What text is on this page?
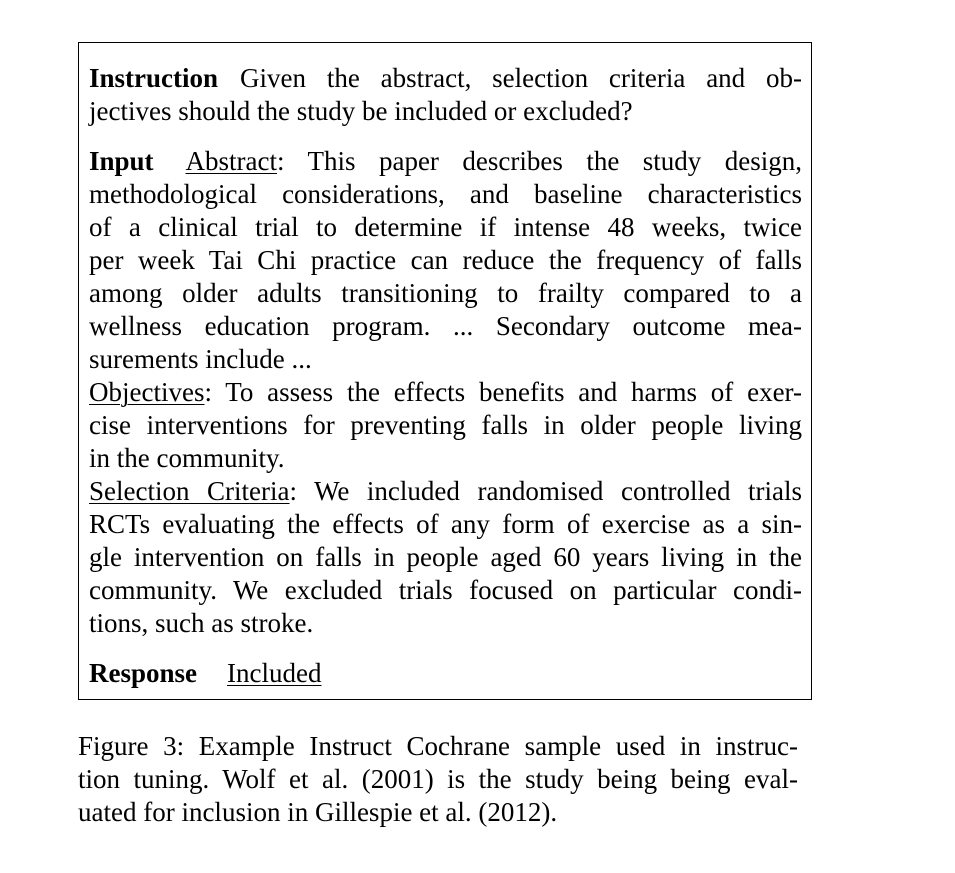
Instruction Given the abstract, selection criteria and ob-
jectives should the study be included or excluded?
Input Abstract: This paper describes the study design,
methodological considerations, and baseline characteristics
of a clinical trial to determine if intense 48 weeks, twice
per week Tai Chi practice can reduce the frequency of falls
among older adults transitioning to frailty compared to a
wellness education program. ... Secondary outcome mea-
surements include ...
Objectives: To assess the effects benefits and harms of exer-
cise interventions for preventing falls in older people living
in the community.
Selection Criteria: We included randomised controlled trials
RCTs evaluating the effects of any form of exercise as a sin-
gle intervention on falls in people aged 60 years living in the
community. We excluded trials focused on particular condi-
tions, such as stroke.
Response Included
Figure 3: Example Instruct Cochrane sample used in instruc-
tion tuning. Wolf et al. (2001) is the study being being eval-
uated for inclusion in Gillespie et al. (2012).
